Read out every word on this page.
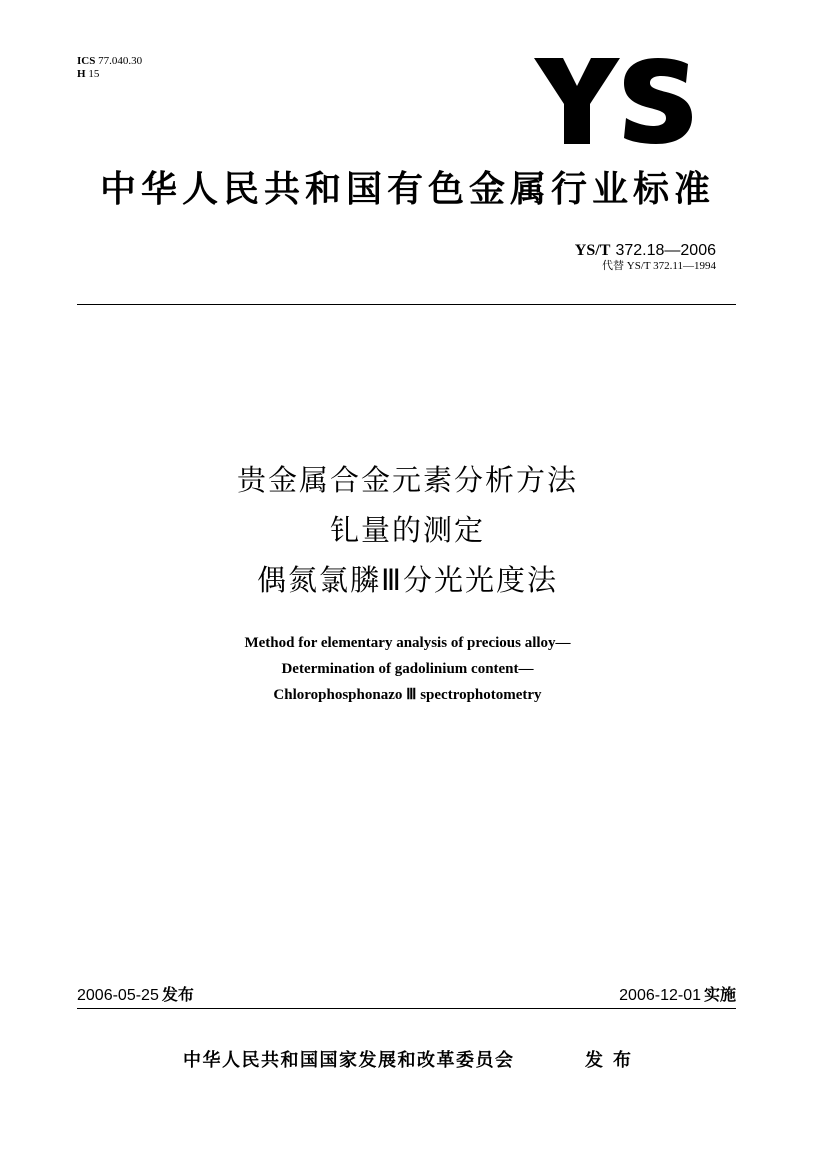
ICS 77.040.30
H 15
中华人民共和国有色金属行业标准
YS/T 372.18—2006
代替 YS/T 372.11—1994
贵金属合金元素分析方法
钆量的测定
偶氮氯膦Ⅲ分光光度法
Method for elementary analysis of precious alloy—
Determination of gadolinium content—
Chlorophosphonazo Ⅲ spectrophotometry
2006-05-25 发布	2006-12-01 实施
中华人民共和国国家发展和改革委员会	发布
